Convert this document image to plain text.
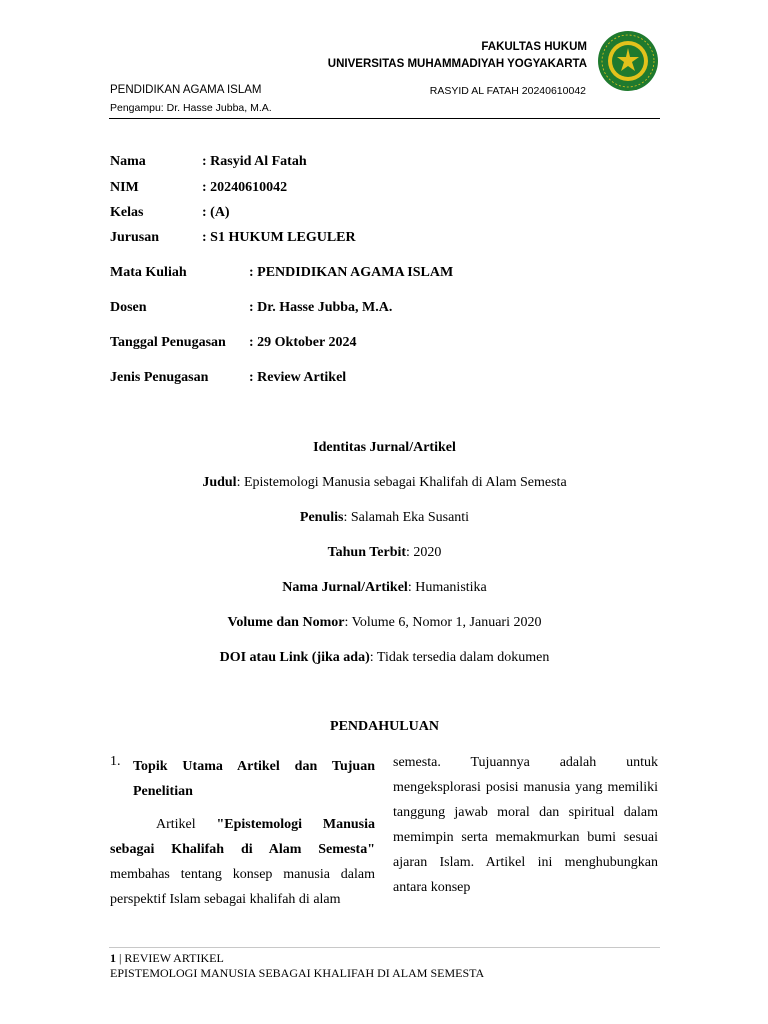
FAKULTAS HUKUM
UNIVERSITAS MUHAMMADIYAH YOGYAKARTA
PENDIDIKAN AGAMA ISLAM	RASYID AL FATAH 20240610042
Pengampu: Dr. Hasse Jubba, M.A.
Nama	: Rasyid Al Fatah
NIM	: 20240610042
Kelas	: (A)
Jurusan	: S1 HUKUM LEGULER
Mata Kuliah	: PENDIDIKAN AGAMA ISLAM
Dosen	: Dr. Hasse Jubba, M.A.
Tanggal Penugasan : 29 Oktober 2024
Jenis Penugasan	: Review Artikel
Identitas Jurnal/Artikel
Judul: Epistemologi Manusia sebagai Khalifah di Alam Semesta
Penulis: Salamah Eka Susanti
Tahun Terbit: 2020
Nama Jurnal/Artikel: Humanistika
Volume dan Nomor: Volume 6, Nomor 1, Januari 2020
DOI atau Link (jika ada): Tidak tersedia dalam dokumen
PENDAHULUAN
1. Topik Utama Artikel dan Tujuan
Penelitian

Artikel "Epistemologi Manusia sebagai Khalifah di Alam Semesta" membahas tentang konsep manusia dalam perspektif Islam sebagai khalifah di alam

semesta. Tujuannya adalah untuk mengeksplorasi posisi manusia yang memiliki tanggung jawab moral dan spiritual dalam memimpin serta memakmurkan bumi sesuai ajaran Islam. Artikel ini menghubungkan antara konsep

1 | REVIEW ARTIKEL
EPISTEMOLOGI MANUSIA SEBAGAI KHALIFAH DI ALAM SEMESTA
